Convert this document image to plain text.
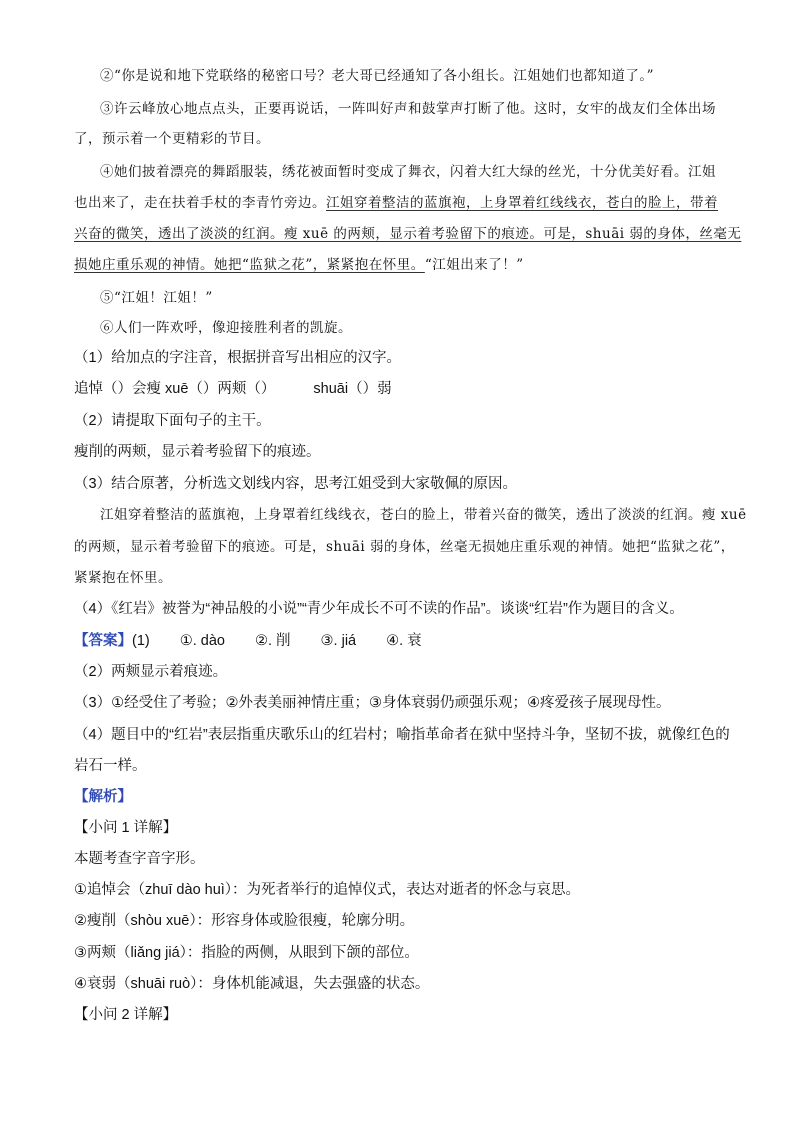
②“你是说和地下党联络的秘密口号？老大哥已经通知了各小组长。江姐她们也都知道了。”
③许云峰放心地点点头，正要再说话，一阵叫好声和鼓掌声打断了他。这时，女牢的战友们全体出场
了，预示着一个更精彩的节目。
④她们披着漂亮的舞蹈服装，绣花被面暂时变成了舞衣，闪着大红大绿的丝光，十分优美好看。江姐
也出来了，走在扶着手杖的李青竹旁边。江姐穿着整洁的蓝旗袍，上身罩着红线线衣，苍白的脸上，带着
兴奋的微笑，透出了淡淡的红润。瘦 xuē 的两颊，显示着考验留下的痕迹。可是，shuāi 弱的身体，丝毫无
损她庄重乐观的神情。她把“监狱之花”，紧紧抱在怀里。“江姐出来了！”
⑤“江姐！江姐！”
⑥人们一阵欢呼，像迎接胜利者的凯旋。
（1）给加点的字注音，根据拼音写出相应的汉字。
追悼（）会瘦 xuē（）两颊（）	shuāi（）弱
（2）请提取下面句子的主干。
瘦削的两颊，显示着考验留下的痕迹。
（3）结合原著，分析选文划线内容，思考江姐受到大家敬佩的原因。
江姐穿着整洁的蓝旗袍，上身罩着红线线衣，苍白的脸上，带着兴奋的微笑，透出了淡淡的红润。瘦 xuē
的两颊，显示着考验留下的痕迹。可是，shuāi 弱的身体，丝毫无损她庄重乐观的神情。她把“监狱之花”，
紧紧抱在怀里。
（4）《红岩》被誉为“神品般的小说”“青少年成长不可不读的作品”。谈谈“红岩”作为题目的含义。
【答案】(1) ①. dào ②. 削 ③. jiá ④. 衰
（2）两颊显示着痕迹。
（3）①经受住了考验；②外表美丽神情庄重；③身体衰弱仍顽强乐观；④疼爱孩子展现母性。
（4）题目中的“红岩”表层指重庆歌乐山的红岩村；喻指革命者在狱中坚持斗争，坚韧不拔，就像红色的
岩石一样。
【解析】
【小问 1 详解】
本题考查字音字形。
①追悼会（zhuī dào huì）：为死者举行的追悼仪式，表达对逝者的怀念与哀思。
②瘦削（shòu xuē）：形容身体或脸很瘦，轮廓分明。
③两颊（liǎng jiá）：指脸的两侧，从眼到下颌的部位。
④衰弱（shuāi ruò）：身体机能减退，失去强盛的状态。
【小问 2 详解】
